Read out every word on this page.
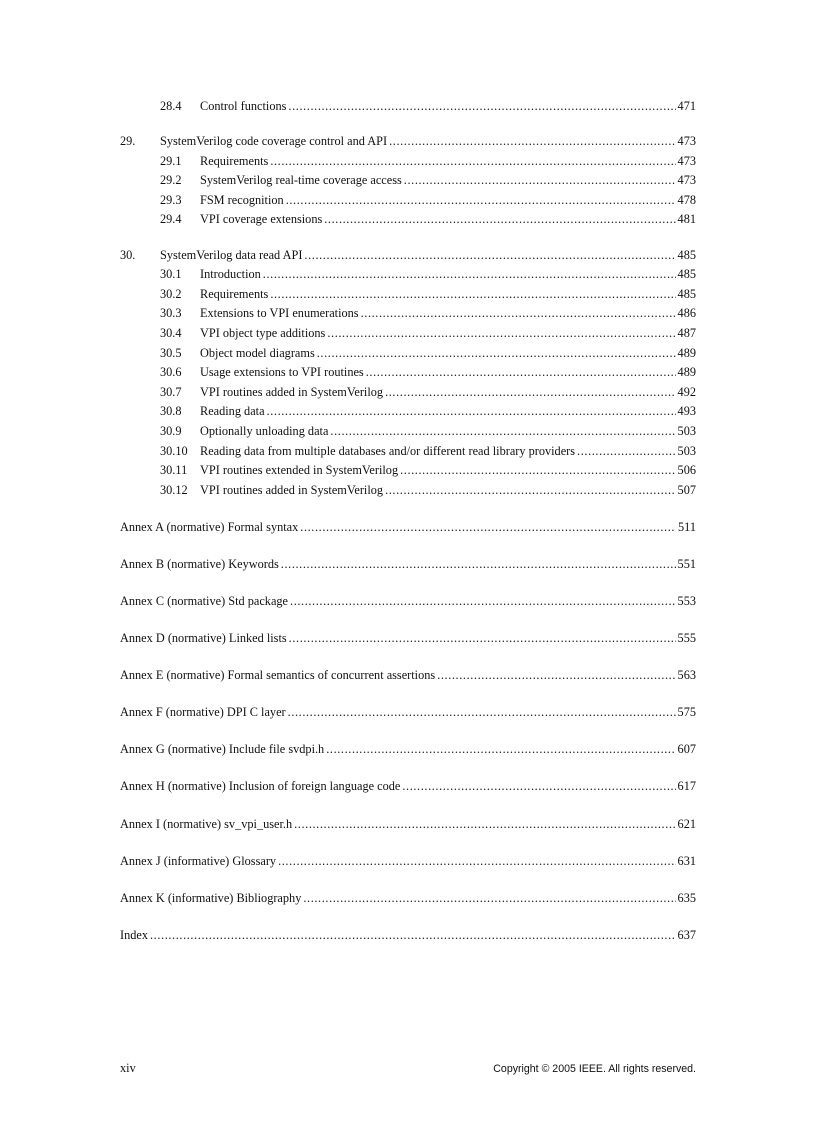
28.4	Control functions .....	471
29.	SystemVerilog code coverage control and API .....	473
29.1	Requirements .....	473
29.2	SystemVerilog real-time coverage access .....	473
29.3	FSM recognition .....	478
29.4	VPI coverage extensions .....	481
30.	SystemVerilog data read API .....	485
30.1	Introduction .....	485
30.2	Requirements .....	485
30.3	Extensions to VPI enumerations .....	486
30.4	VPI object type additions .....	487
30.5	Object model diagrams .....	489
30.6	Usage extensions to VPI routines .....	489
30.7	VPI routines added in SystemVerilog .....	492
30.8	Reading data .....	493
30.9	Optionally unloading data .....	503
30.10	Reading data from multiple databases and/or different read library providers .....	503
30.11	VPI routines extended in SystemVerilog .....	506
30.12	VPI routines added in SystemVerilog .....	507
Annex A (normative) Formal syntax .....	511
Annex B (normative) Keywords .....	551
Annex C (normative) Std package .....	553
Annex D (normative) Linked lists .....	555
Annex E (normative) Formal semantics of concurrent assertions .....	563
Annex F (normative) DPI C layer .....	575
Annex G (normative) Include file svdpi.h .....	607
Annex H (normative) Inclusion of foreign language code .....	617
Annex I (normative) sv_vpi_user.h .....	621
Annex J (informative) Glossary .....	631
Annex K (informative) Bibliography .....	635
Index .....	637
xiv	Copyright © 2005 IEEE. All rights reserved.
